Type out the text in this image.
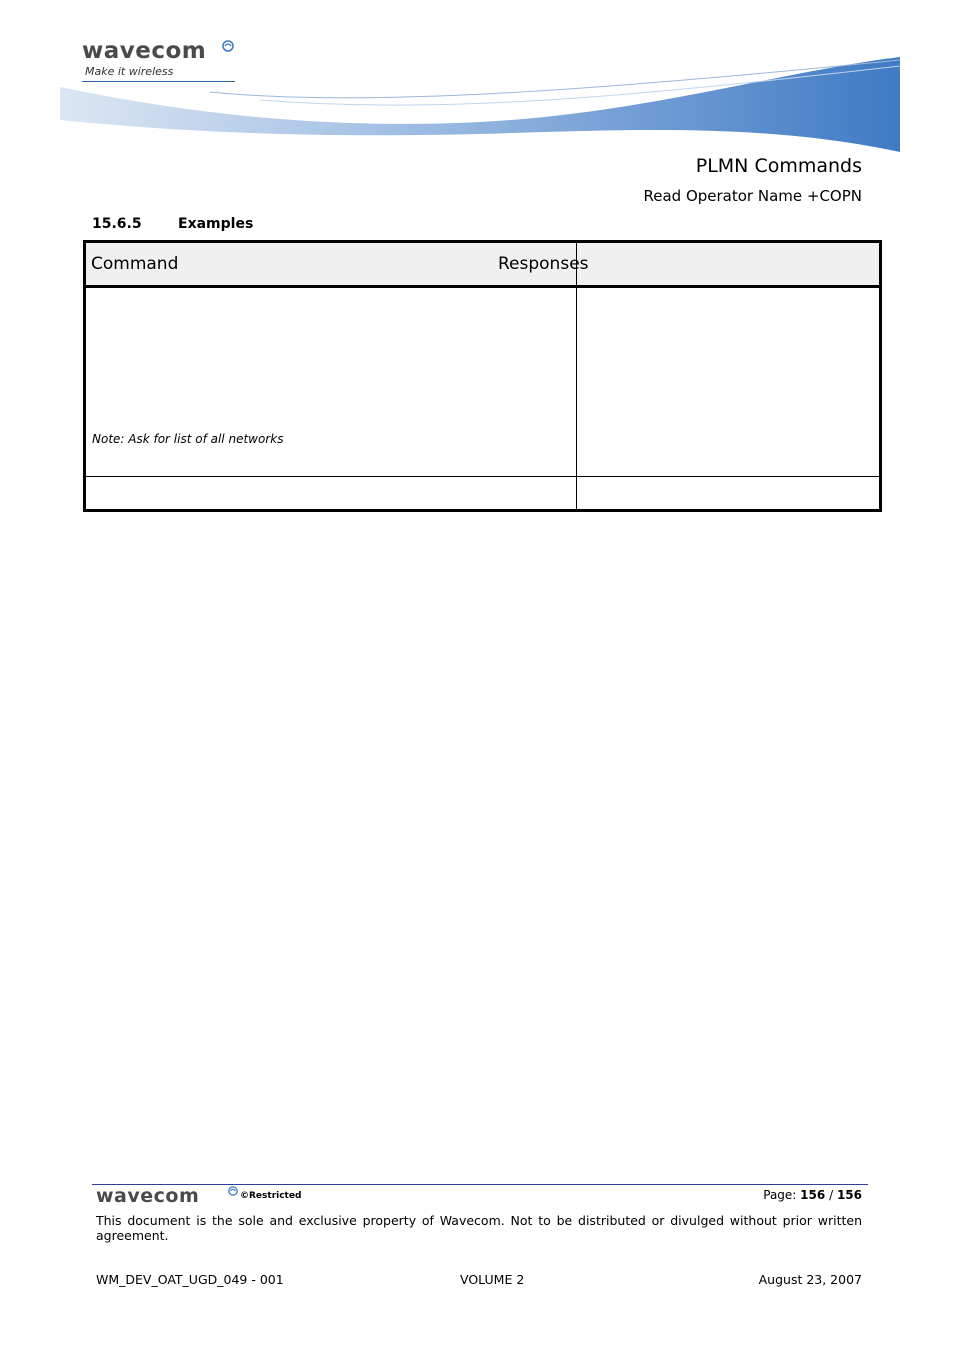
wavecom
Make it wireless
PLMN Commands
Read Operator Name +COPN
15.6.5	Examples
Command	Responses
Note: Ask for list of all networks
wavecom	©Restricted	Page: 156 / 156
This document is the sole and exclusive property of Wavecom. Not to be distributed or divulged without prior written agreement.
WM_DEV_OAT_UGD_049 - 001	VOLUME 2	August 23, 2007
